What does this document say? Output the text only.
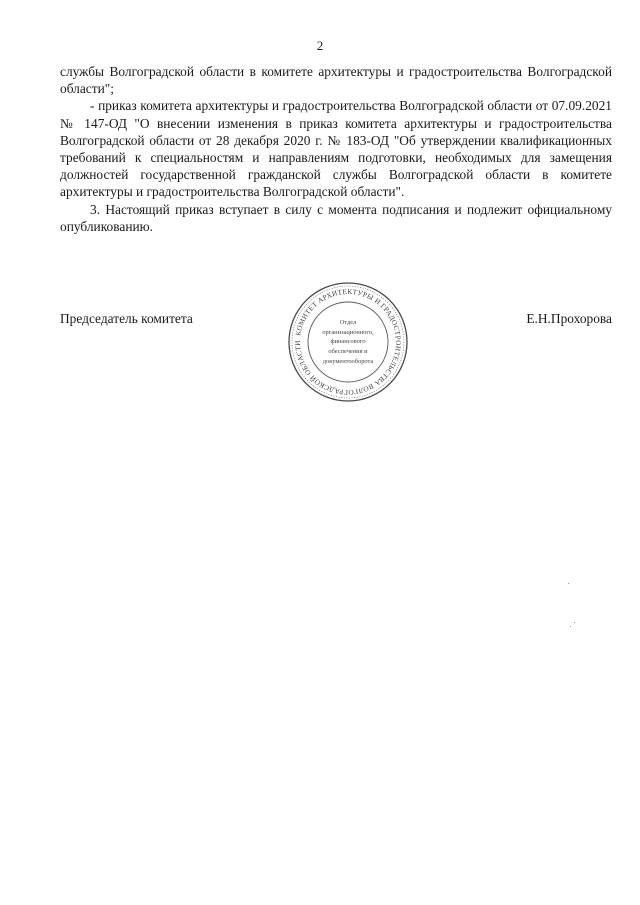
2

службы Волгоградской области в комитете архитектуры и градостроительства Волгоградской области";

- приказ комитета архитектуры и градостроительства Волгоградской области от 07.09.2021 № 147-ОД "О внесении изменения в приказ комитета архитектуры и градостроительства Волгоградской области от 28 декабря 2020 г. № 183-ОД "Об утверждении квалификационных требований к специальностям и направлениям подготовки, необходимых для замещения должностей государственной гражданской службы Волгоградской области в комитете архитектуры и градостроительства Волгоградской области".

3. Настоящий приказ вступает в силу с момента подписания и подлежит официальному опубликованию.

Председатель комитета
КОМИТЕТ АРХИТЕКТУРЫ И ГРАДОСТРОИТЕЛЬСТВА ВОЛГОГРАДСКОЙ ОБЛАСТИ
Отдел
организационного,
финансового
обеспечения и
документооборота
Е.Н.Прохорова
